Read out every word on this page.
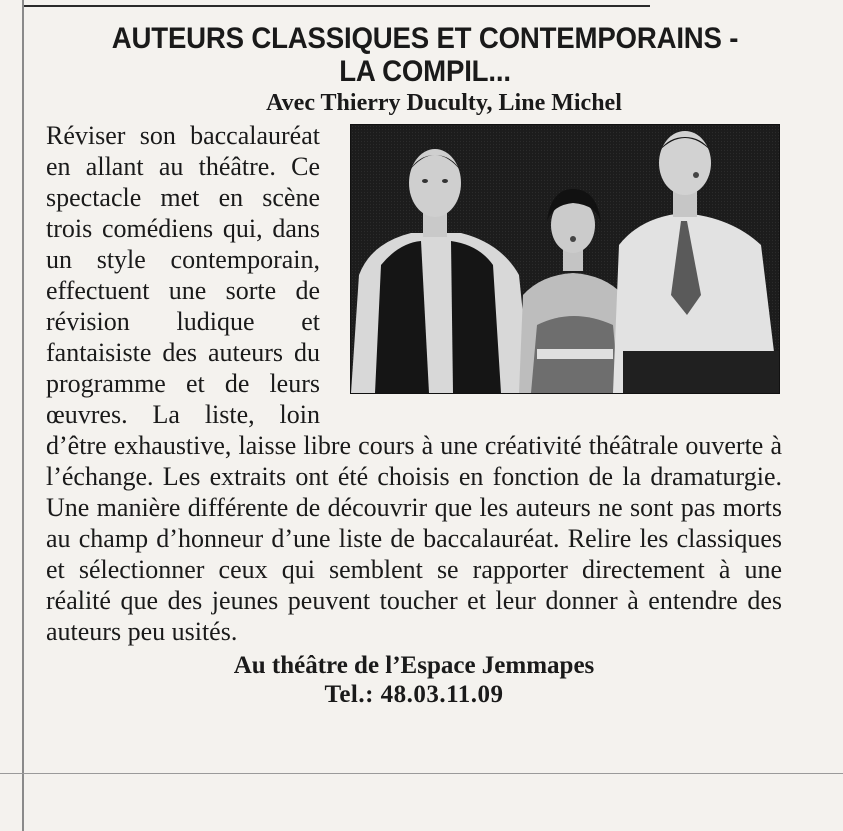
AUTEURS CLASSIQUES ET CONTEMPORAINS -
LA COMPIL...

Avec Thierry Duculty, Line Michel

Réviser son baccalauréat en allant au théâtre. Ce spectacle met en scène trois comédiens qui, dans un style contemporain, effectuent une sorte de révision ludique et fantaisiste des auteurs du programme et de leurs œuvres. La liste, loin d’être exhaustive, laisse libre cours à une créativité théâtrale ouverte à l’échange. Les extraits ont été choisis en fonction de la dramaturgie. Une manière différente de découvrir que les auteurs ne sont pas morts au champ d’honneur d’une liste de baccalauréat. Relire les classiques et sélectionner ceux qui semblent se rapporter directement à une réalité que des jeunes peuvent toucher et leur donner à entendre des auteurs peu usités.

Au théâtre de l’Espace Jemmapes

Tel.: 48.03.11.09
